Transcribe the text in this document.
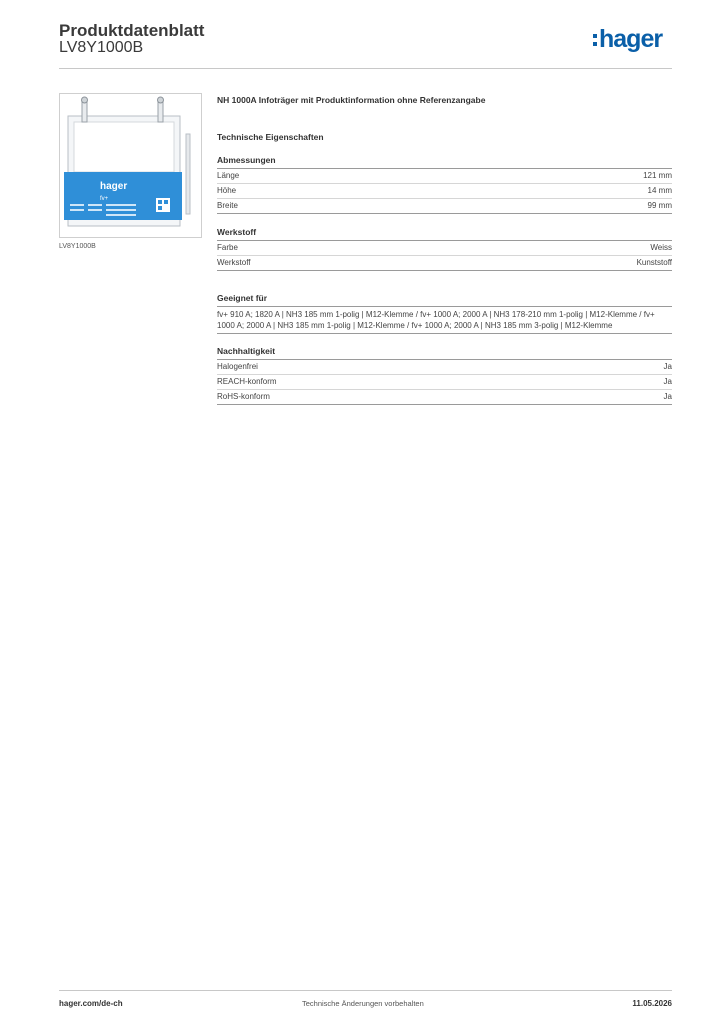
Produktdatenblatt
LV8Y1000B	hager
hager
fv+
LV8Y1000B
NH 1000A Infoträger mit Produktinformation ohne Referenzangabe
Technische Eigenschaften
Abmessungen
Länge	121 mm
Höhe	14 mm
Breite	99 mm
Werkstoff
Farbe	Weiss
Werkstoff	Kunststoff
Geeignet für
fv+ 910 A; 1820 A | NH3 185 mm 1-polig | M12-Klemme / fv+ 1000 A; 2000 A | NH3 178-210 mm 1-polig | M12-Klemme / fv+ 1000 A; 2000 A | NH3 185 mm 1-polig | M12-Klemme / fv+ 1000 A; 2000 A | NH3 185 mm 3-polig | M12-Klemme
Nachhaltigkeit
Halogenfrei	Ja
REACH-konform	Ja
RoHS-konform	Ja
hager.com/de-ch	Technische Änderungen vorbehalten	11.05.2026
